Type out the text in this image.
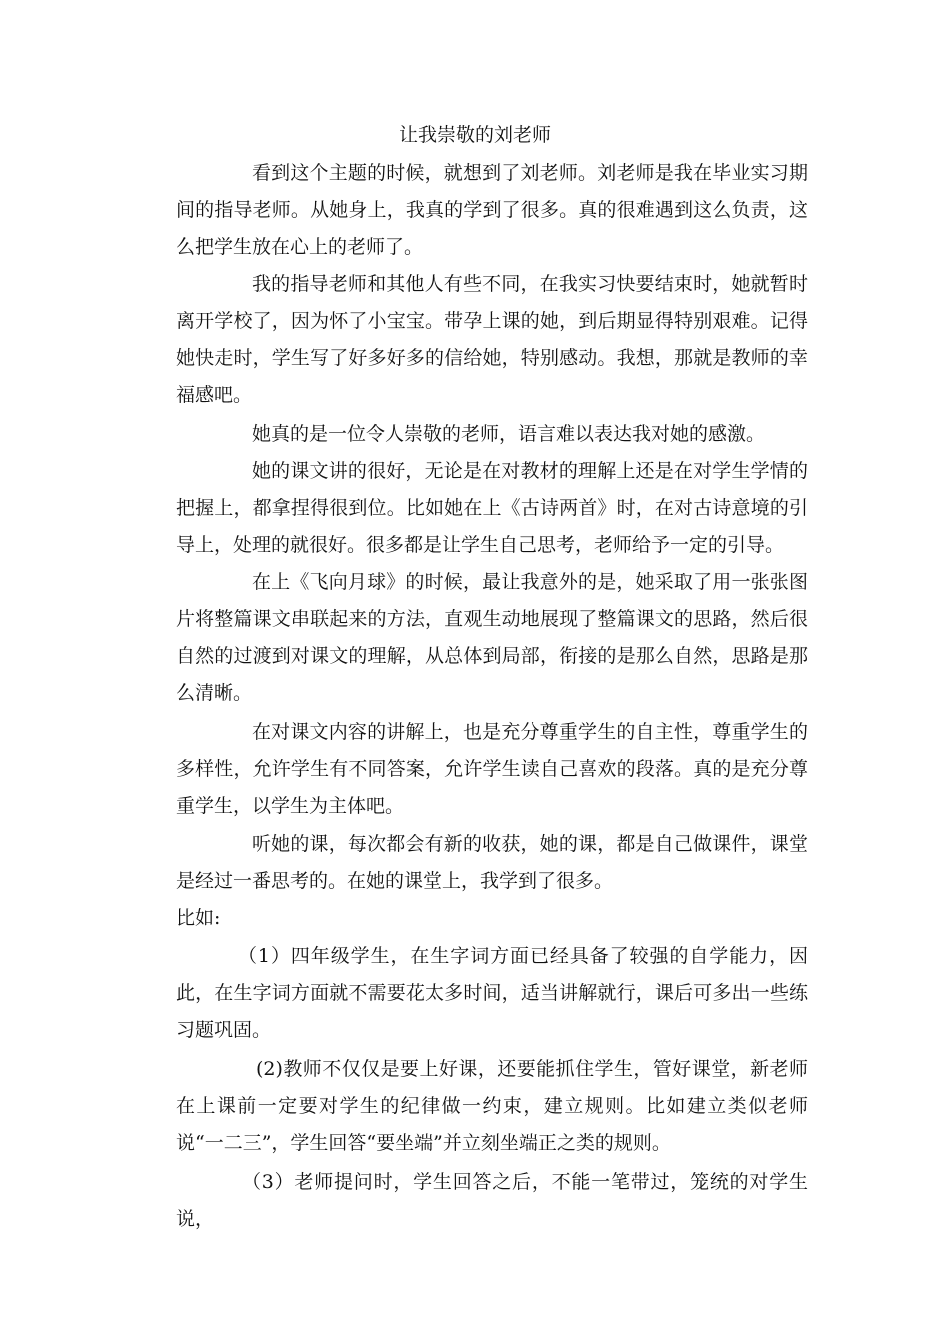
让我崇敬的刘老师

看到这个主题的时候，就想到了刘老师。刘老师是我在毕业实习期间的指导老师。从她身上，我真的学到了很多。真的很难遇到这么负责，这么把学生放在心上的老师了。

我的指导老师和其他人有些不同，在我实习快要结束时，她就暂时离开学校了，因为怀了小宝宝。带孕上课的她，到后期显得特别艰难。记得她快走时，学生写了好多好多的信给她，特别感动。我想，那就是教师的幸福感吧。

她真的是一位令人崇敬的老师，语言难以表达我对她的感激。

她的课文讲的很好，无论是在对教材的理解上还是在对学生学情的把握上，都拿捏得很到位。比如她在上《古诗两首》时，在对古诗意境的引导上，处理的就很好。很多都是让学生自己思考，老师给予一定的引导。

在上《飞向月球》的时候，最让我意外的是，她采取了用一张张图片将整篇课文串联起来的方法，直观生动地展现了整篇课文的思路，然后很自然的过渡到对课文的理解，从总体到局部，衔接的是那么自然，思路是那么清晰。

在对课文内容的讲解上，也是充分尊重学生的自主性，尊重学生的多样性，允许学生有不同答案，允许学生读自己喜欢的段落。真的是充分尊重学生，以学生为主体吧。

听她的课，每次都会有新的收获，她的课，都是自己做课件，课堂是经过一番思考的。在她的课堂上，我学到了很多。

比如:

（1）四年级学生，在生字词方面已经具备了较强的自学能力，因此，在生字词方面就不需要花太多时间，适当讲解就行，课后可多出一些练习题巩固。

(2)教师不仅仅是要上好课，还要能抓住学生，管好课堂，新老师在上课前一定要对学生的纪律做一约束，建立规则。比如建立类似老师说“一二三”，学生回答“要坐端”并立刻坐端正之类的规则。

（3）老师提问时，学生回答之后，不能一笔带过，笼统的对学生说，
